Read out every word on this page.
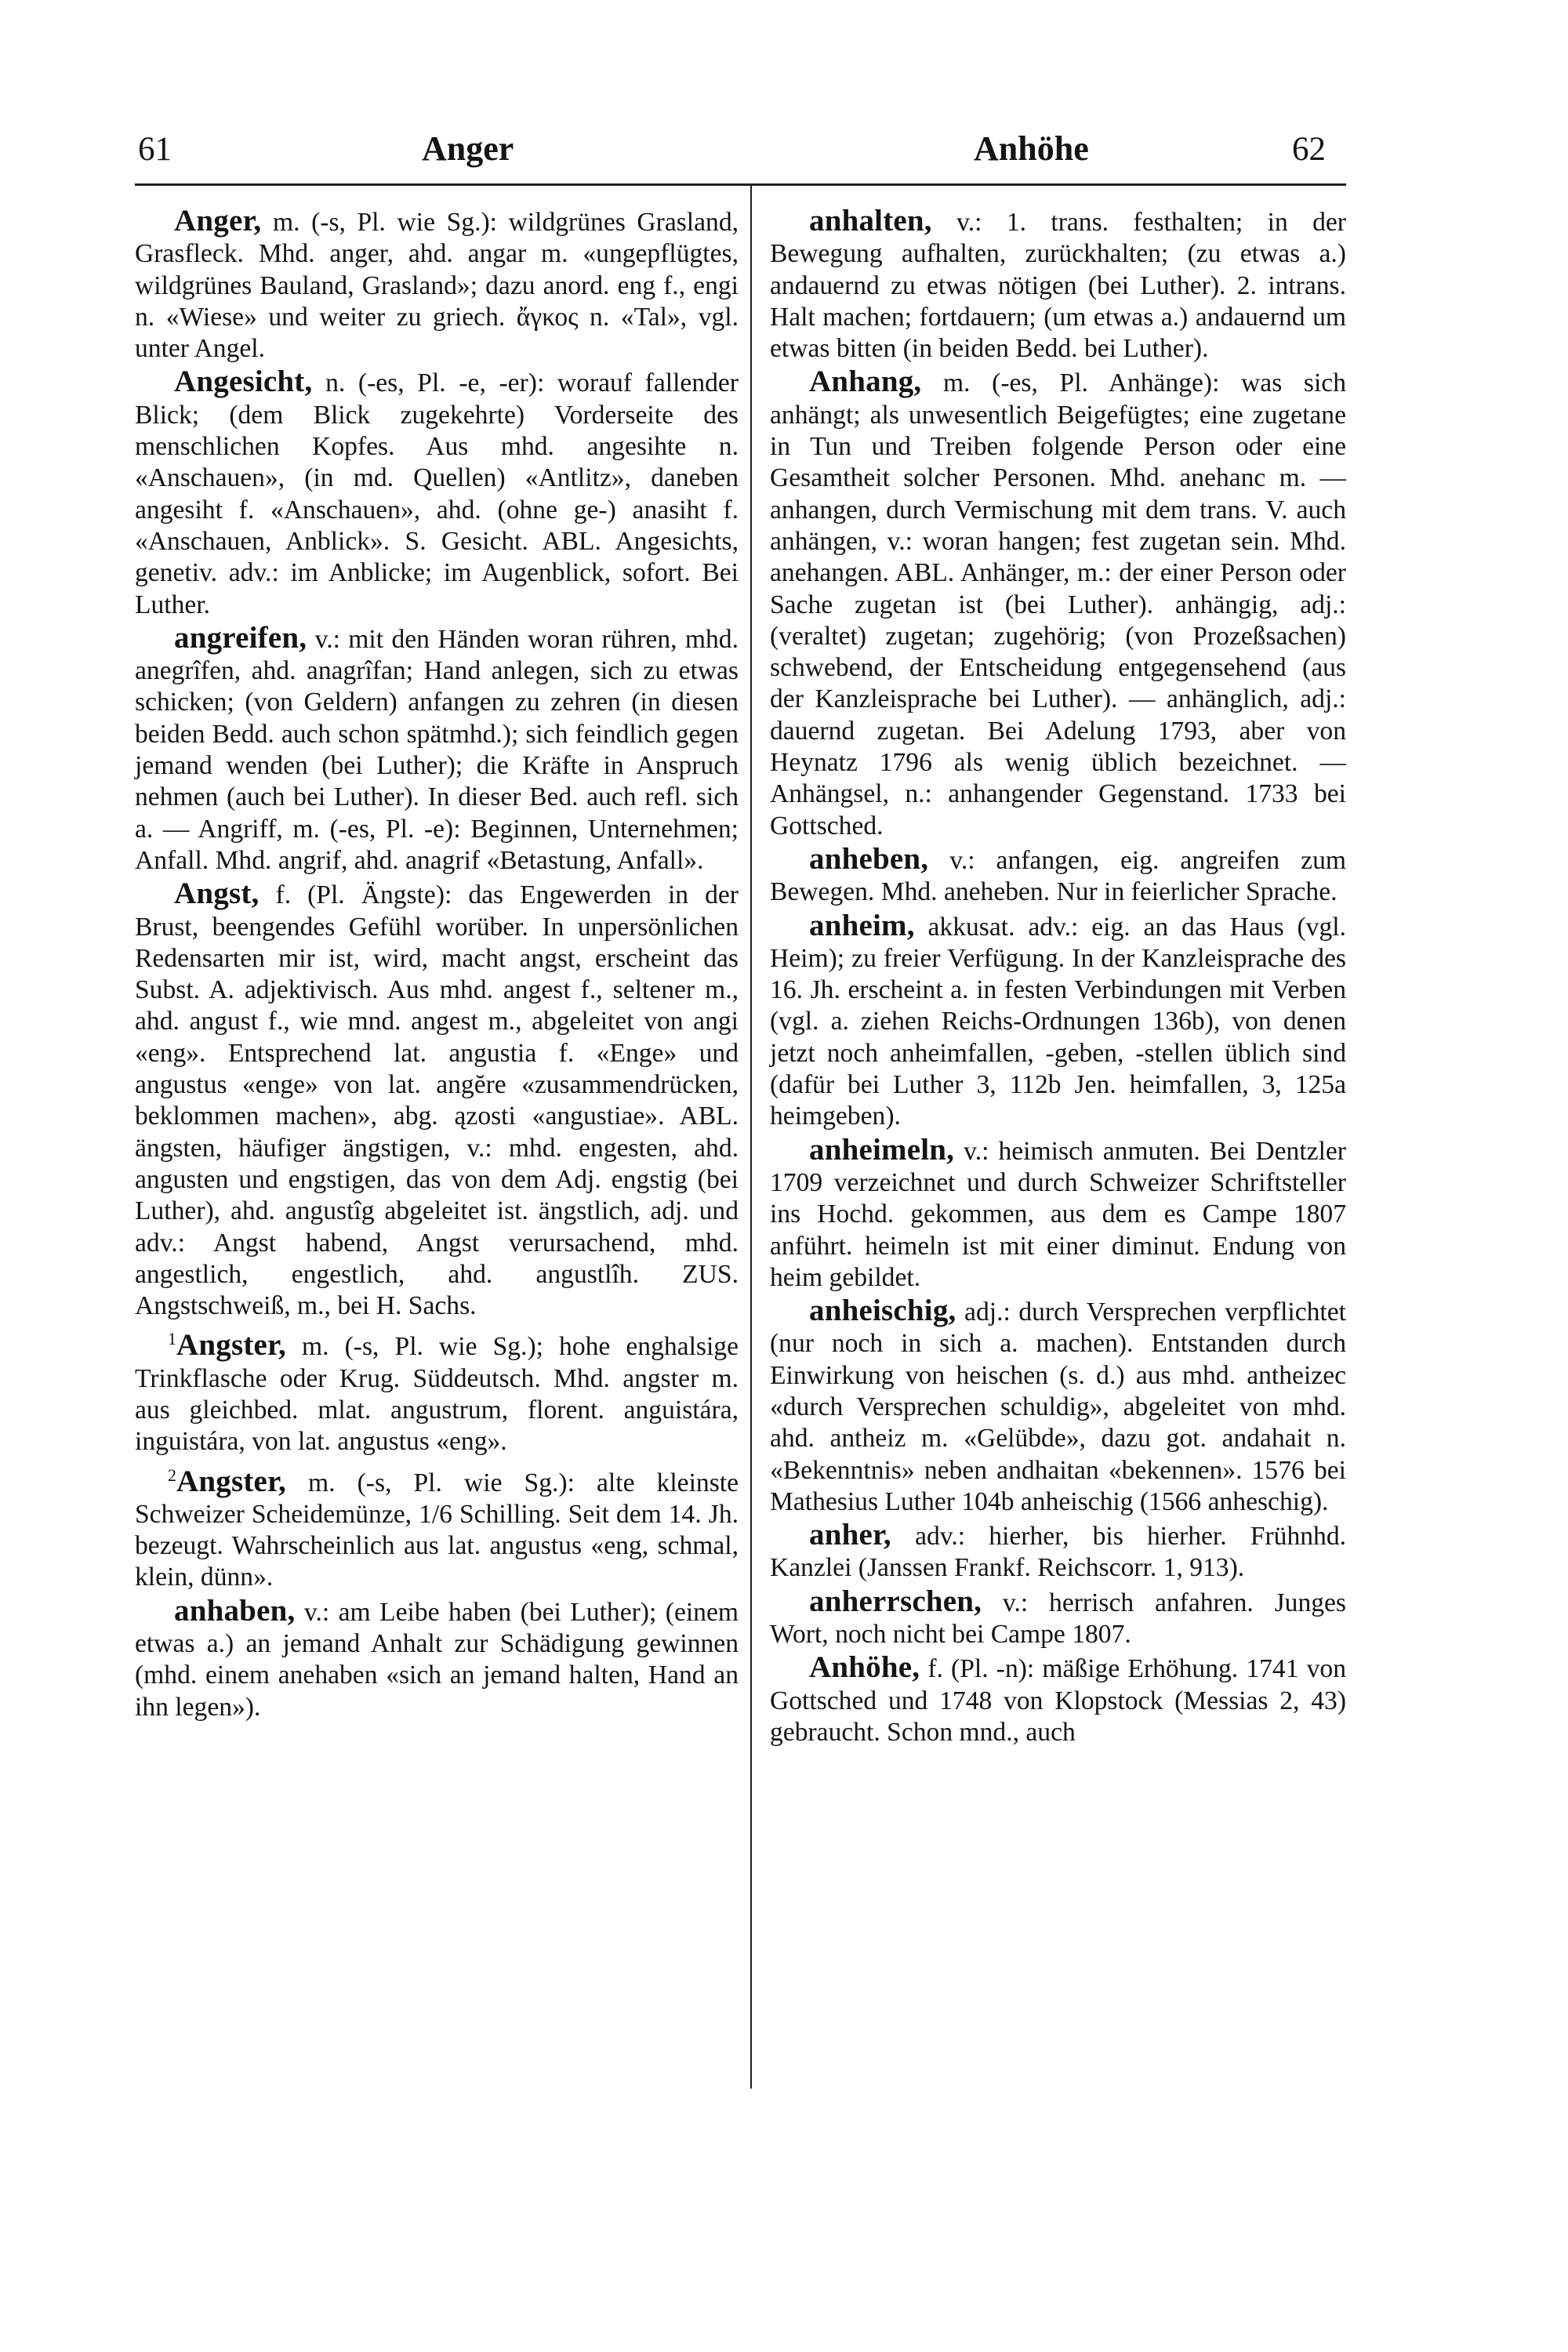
61	Anger	Anhöhe	62

Anger, m. (-s, Pl. wie Sg.): wildgrünes Grasland, Grasfleck. Mhd. anger, ahd. angar m. «ungepflügtes, wildgrünes Bauland, Grasland»; dazu anord. eng f., engi n. «Wiese» und weiter zu griech. ἄγκος n. «Tal», vgl. unter Angel.

Angesicht, n. (-es, Pl. -e, -er): worauf fallender Blick; (dem Blick zugekehrte) Vorderseite des menschlichen Kopfes. Aus mhd. angesihte n. «Anschauen», (in md. Quellen) «Antlitz», daneben angesiht f. «Anschauen», ahd. (ohne ge-) anasiht f. «Anschauen, Anblick». S. Gesicht. ABL. Angesichts, genetiv. adv.: im Anblicke; im Augenblick, sofort. Bei Luther.

angreifen, v.: mit den Händen woran rühren, mhd. anegrîfen, ahd. anagrîfan; Hand anlegen, sich zu etwas schicken; (von Geldern) anfangen zu zehren (in diesen beiden Bedd. auch schon spätmhd.); sich feindlich gegen jemand wenden (bei Luther); die Kräfte in Anspruch nehmen (auch bei Luther). In dieser Bed. auch refl. sich a. — Angriff, m. (-es, Pl. -e): Beginnen, Unternehmen; Anfall. Mhd. angrif, ahd. anagrif «Betastung, Anfall».

Angst, f. (Pl. Ängste): das Engewerden in der Brust, beengendes Gefühl worüber. In unpersönlichen Redensarten mir ist, wird, macht angst, erscheint das Subst. A. adjektivisch. Aus mhd. angest f., seltener m., ahd. angust f., wie mnd. angest m., abgeleitet von angi «eng». Entsprechend lat. angustia f. «Enge» und angustus «enge» von lat. angĕre «zusammendrücken, beklommen machen», abg. ązosti «angustiae». ABL. ängsten, häufiger ängstigen, v.: mhd. engesten, ahd. angusten und engstigen, das von dem Adj. engstig (bei Luther), ahd. angustîg abgeleitet ist. ängstlich, adj. und adv.: Angst habend, Angst verursachend, mhd. angestlich, engestlich, ahd. angustlîh. ZUS. Angstschweiß, m., bei H. Sachs.

$^1$Angster, m. (-s, Pl. wie Sg.); hohe enghalsige Trinkflasche oder Krug. Süddeutsch. Mhd. angster m. aus gleichbed. mlat. angustrum, florent. anguistára, inguistára, von lat. angustus «eng».

$^2$Angster, m. (-s, Pl. wie Sg.): alte kleinste Schweizer Scheidemünze, 1/6 Schilling. Seit dem 14. Jh. bezeugt. Wahrscheinlich aus lat. angustus «eng, schmal, klein, dünn».

anhaben, v.: am Leibe haben (bei Luther); (einem etwas a.) an jemand Anhalt zur Schädigung gewinnen (mhd. einem anehaben «sich an jemand halten, Hand an ihn legen»).

anhalten, v.: 1. trans. festhalten; in der Bewegung aufhalten, zurückhalten; (zu etwas a.) andauernd zu etwas nötigen (bei Luther). 2. intrans. Halt machen; fortdauern; (um etwas a.) andauernd um etwas bitten (in beiden Bedd. bei Luther).

Anhang, m. (-es, Pl. Anhänge): was sich anhängt; als unwesentlich Beigefügtes; eine zugetane in Tun und Treiben folgende Person oder eine Gesamtheit solcher Personen. Mhd. anehanc m. — anhangen, durch Vermischung mit dem trans. V. auch anhängen, v.: woran hangen; fest zugetan sein. Mhd. anehangen. ABL. Anhänger, m.: der einer Person oder Sache zugetan ist (bei Luther). anhängig, adj.: (veraltet) zugetan; zugehörig; (von Prozeßsachen) schwebend, der Entscheidung entgegensehend (aus der Kanzleisprache bei Luther). — anhänglich, adj.: dauernd zugetan. Bei Adelung 1793, aber von Heynatz 1796 als wenig üblich bezeichnet. — Anhängsel, n.: anhangender Gegenstand. 1733 bei Gottsched.

anheben, v.: anfangen, eig. angreifen zum Bewegen. Mhd. aneheben. Nur in feierlicher Sprache.

anheim, akkusat. adv.: eig. an das Haus (vgl. Heim); zu freier Verfügung. In der Kanzleisprache des 16. Jh. erscheint a. in festen Verbindungen mit Verben (vgl. a. ziehen Reichs-Ordnungen 136b), von denen jetzt noch anheimfallen, -geben, -stellen üblich sind (dafür bei Luther 3, 112b Jen. heimfallen, 3, 125a heimgeben).

anheimeln, v.: heimisch anmuten. Bei Dentzler 1709 verzeichnet und durch Schweizer Schriftsteller ins Hochd. gekommen, aus dem es Campe 1807 anführt. heimeln ist mit einer diminut. Endung von heim gebildet.

anheischig, adj.: durch Versprechen verpflichtet (nur noch in sich a. machen). Entstanden durch Einwirkung von heischen (s. d.) aus mhd. antheizec «durch Versprechen schuldig», abgeleitet von mhd. ahd. antheiz m. «Gelübde», dazu got. andahait n. «Bekenntnis» neben andhaitan «bekennen». 1576 bei Mathesius Luther 104b anheischig (1566 anheschig).

anher, adv.: hierher, bis hierher. Frühnhd. Kanzlei (Janssen Frankf. Reichscorr. 1, 913).

anherrschen, v.: herrisch anfahren. Junges Wort, noch nicht bei Campe 1807.

Anhöhe, f. (Pl. -n): mäßige Erhöhung. 1741 von Gottsched und 1748 von Klopstock (Messias 2, 43) gebraucht. Schon mnd., auch
